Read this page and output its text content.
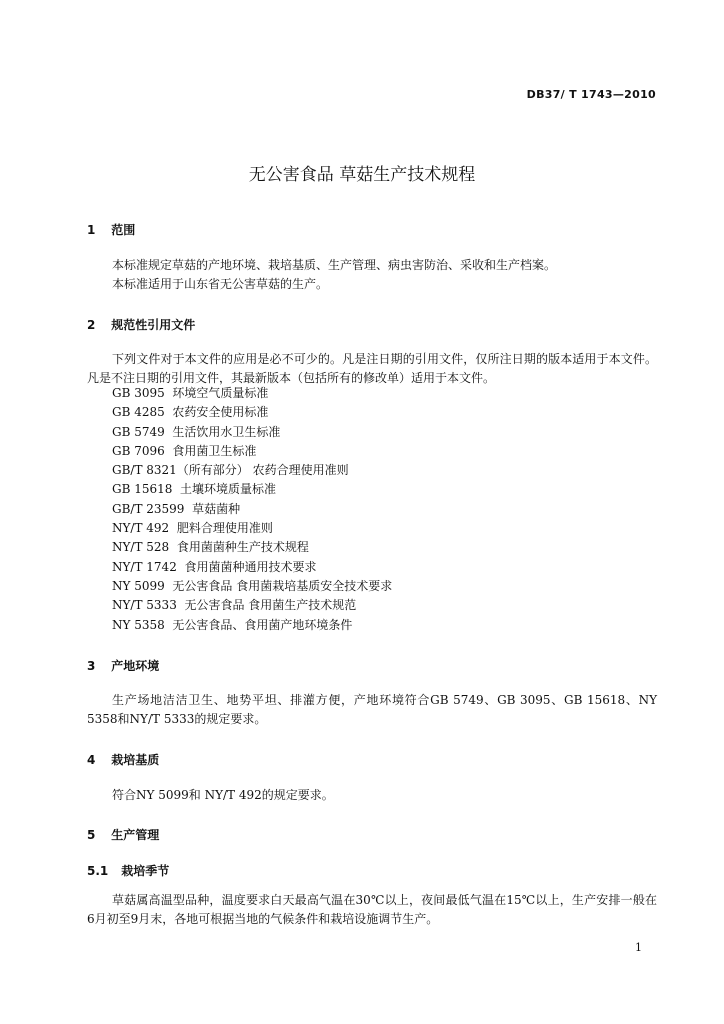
DB37/ T 1743—2010
无公害食品 草菇生产技术规程
1 范围
本标准规定草菇的产地环境、栽培基质、生产管理、病虫害防治、采收和生产档案。
本标准适用于山东省无公害草菇的生产。
2 规范性引用文件

下列文件对于本文件的应用是必不可少的。凡是注日期的引用文件，仅所注日期的版本适用于本文件。凡是不注日期的引用文件，其最新版本（包括所有的修改单）适用于本文件。

GB 3095  环境空气质量标准
GB 4285  农药安全使用标准
GB 5749  生活饮用水卫生标准
GB 7096  食用菌卫生标准
GB/T 8321（所有部分） 农药合理使用准则
GB 15618  土壤环境质量标准
GB/T 23599  草菇菌种
NY/T 492  肥料合理使用准则
NY/T 528  食用菌菌种生产技术规程
NY/T 1742  食用菌菌种通用技术要求
NY 5099  无公害食品 食用菌栽培基质安全技术要求
NY/T 5333  无公害食品 食用菌生产技术规范
NY 5358  无公害食品、食用菌产地环境条件
3 产地环境

生产场地洁洁卫生、地势平坦、排灌方便，产地环境符合GB 5749、GB 3095、GB 15618、NY 5358和NY/T 5333的规定要求。

4 栽培基质
符合NY 5099和 NY/T 492的规定要求。
5 生产管理
5.1 栽培季节

草菇属高温型品种，温度要求白天最高气温在30℃以上，夜间最低气温在15℃以上，生产安排一般在6月初至9月末，各地可根据当地的气候条件和栽培设施调节生产。

1
